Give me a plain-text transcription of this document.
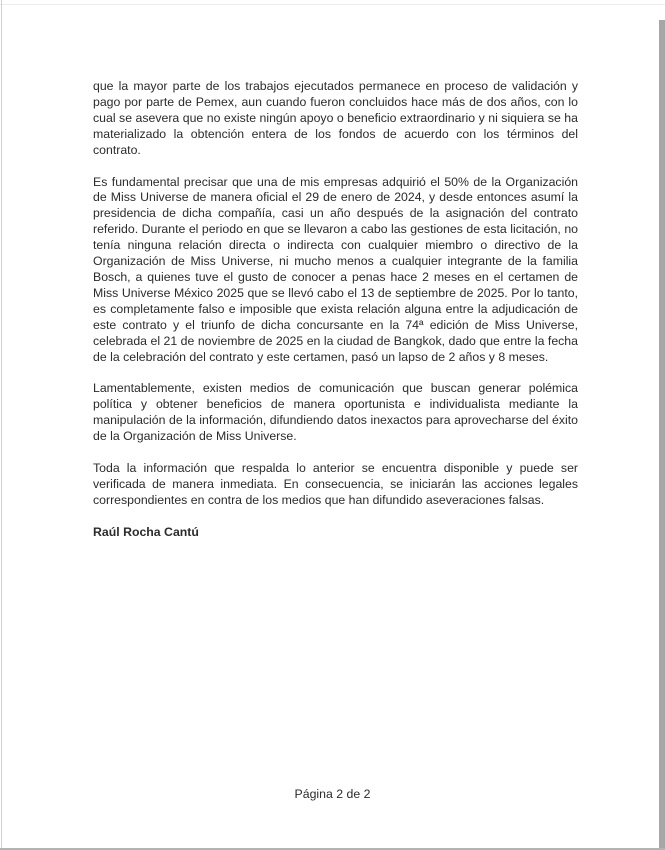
que la mayor parte de los trabajos ejecutados permanece en proceso de validación y pago por parte de Pemex, aun cuando fueron concluidos hace más de dos años, con lo cual se asevera que no existe ningún apoyo o beneficio extraordinario y ni siquiera se ha materializado la obtención entera de los fondos de acuerdo con los términos del contrato.

Es fundamental precisar que una de mis empresas adquirió el 50% de la Organización de Miss Universe de manera oficial el 29 de enero de 2024, y desde entonces asumí la presidencia de dicha compañía, casi un año después de la asignación del contrato referido. Durante el periodo en que se llevaron a cabo las gestiones de esta licitación, no tenía ninguna relación directa o indirecta con cualquier miembro o directivo de la Organización de Miss Universe, ni mucho menos a cualquier integrante de la familia Bosch, a quienes tuve el gusto de conocer a penas hace 2 meses en el certamen de Miss Universe México 2025 que se llevó cabo el 13 de septiembre de 2025. Por lo tanto, es completamente falso e imposible que exista relación alguna entre la adjudicación de este contrato y el triunfo de dicha concursante en la 74ª edición de Miss Universe, celebrada el 21 de noviembre de 2025 en la ciudad de Bangkok, dado que entre la fecha de la celebración del contrato y este certamen, pasó un lapso de 2 años y 8 meses.

Lamentablemente, existen medios de comunicación que buscan generar polémica política y obtener beneficios de manera oportunista e individualista mediante la manipulación de la información, difundiendo datos inexactos para aprovecharse del éxito de la Organización de Miss Universe.

Toda la información que respalda lo anterior se encuentra disponible y puede ser verificada de manera inmediata. En consecuencia, se iniciarán las acciones legales correspondientes en contra de los medios que han difundido aseveraciones falsas.

Raúl Rocha Cantú

Página 2 de 2
